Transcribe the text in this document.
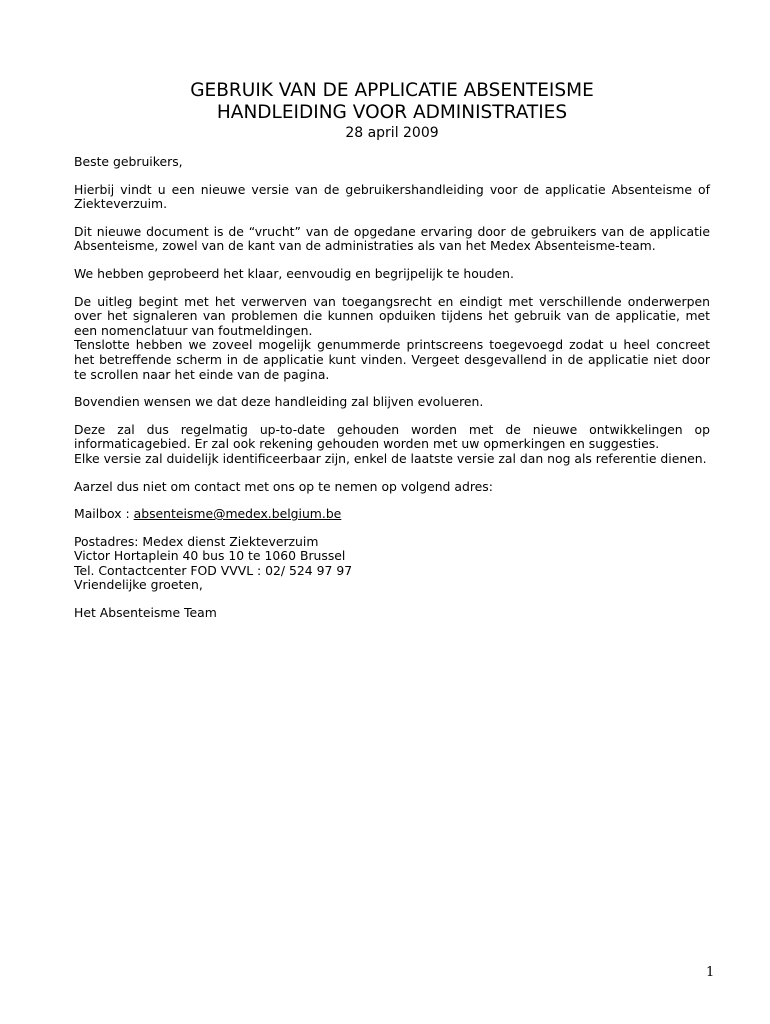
GEBRUIK VAN DE APPLICATIE ABSENTEISME
HANDLEIDING VOOR ADMINISTRATIES

28 april 2009

Beste gebruikers,

Hierbij vindt u een nieuwe versie van de gebruikershandleiding voor de applicatie Absenteisme of Ziekteverzuim.

Dit nieuwe document is de “vrucht” van de opgedane ervaring door de gebruikers van de applicatie Absenteisme, zowel van de kant van de administraties als van het Medex Absenteisme-team.

We hebben geprobeerd het klaar, eenvoudig en begrijpelijk te houden.

De uitleg begint met het verwerven van toegangsrecht en eindigt met verschillende onderwerpen over het signaleren van problemen die kunnen opduiken tijdens het gebruik van de applicatie, met een nomenclatuur van foutmeldingen.

Tenslotte hebben we zoveel mogelijk genummerde printscreens toegevoegd zodat u heel concreet het betreffende scherm in de applicatie kunt vinden. Vergeet desgevallend in de applicatie niet door te scrollen naar het einde van de pagina.

Bovendien wensen we dat deze handleiding zal blijven evolueren.

Deze zal dus regelmatig up-to-date gehouden worden met de nieuwe ontwikkelingen op informaticagebied. Er zal ook rekening gehouden worden met uw opmerkingen en suggesties.

Elke versie zal duidelijk identificeerbaar zijn, enkel de laatste versie zal dan nog als referentie dienen.

Aarzel dus niet om contact met ons op te nemen op volgend adres:

Mailbox : absenteisme@medex.belgium.be

Postadres: Medex dienst Ziekteverzuim
Victor Hortaplein 40 bus 10 te 1060 Brussel
Tel. Contactcenter FOD VVVL : 02/ 524 97 97
Vriendelijke groeten,

Het Absenteisme Team

1
